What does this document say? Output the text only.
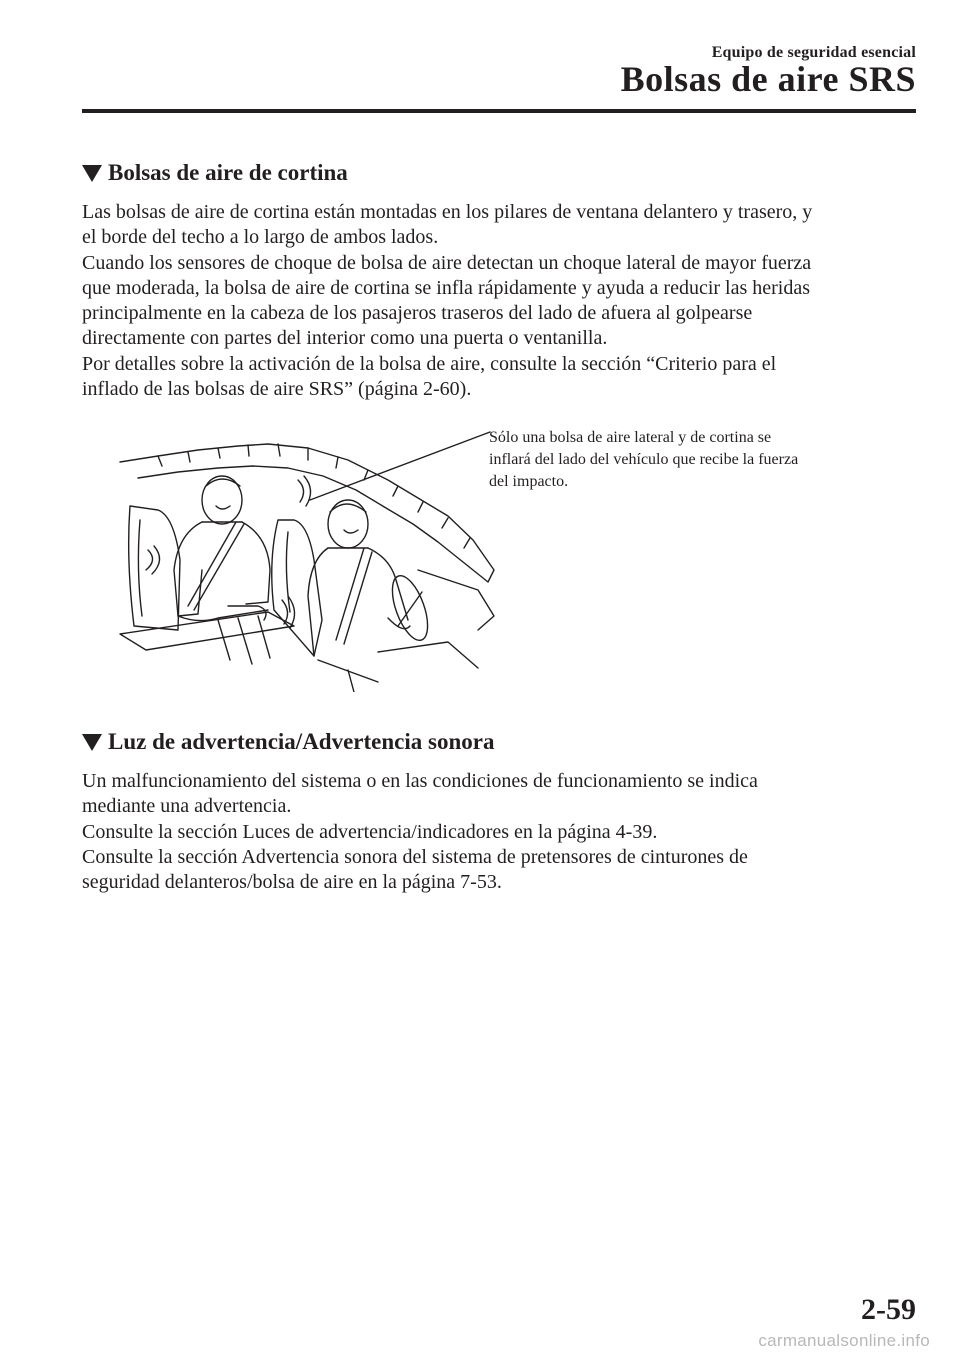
Equipo de seguridad esencial
Bolsas de aire SRS
Bolsas de aire de cortina

Las bolsas de aire de cortina están montadas en los pilares de ventana delantero y trasero, y

el borde del techo a lo largo de ambos lados.

Cuando los sensores de choque de bolsa de aire detectan un choque lateral de mayor fuerza

que moderada, la bolsa de aire de cortina se infla rápidamente y ayuda a reducir las heridas

principalmente en la cabeza de los pasajeros traseros del lado de afuera al golpearse

directamente con partes del interior como una puerta o ventanilla.

Por detalles sobre la activación de la bolsa de aire, consulte la sección “Criterio para el

inflado de las bolsas de aire SRS” (página 2-60).

Sólo una bolsa de aire lateral y de cortina se
inflará del lado del vehículo que recibe la fuerza
del impacto.
Luz de advertencia/Advertencia sonora

Un malfuncionamiento del sistema o en las condiciones de funcionamiento se indica

mediante una advertencia.

Consulte la sección Luces de advertencia/indicadores en la página 4-39.

Consulte la sección Advertencia sonora del sistema de pretensores de cinturones de

seguridad delanteros/bolsa de aire en la página 7-53.

2-59
carmanualsonline.info
